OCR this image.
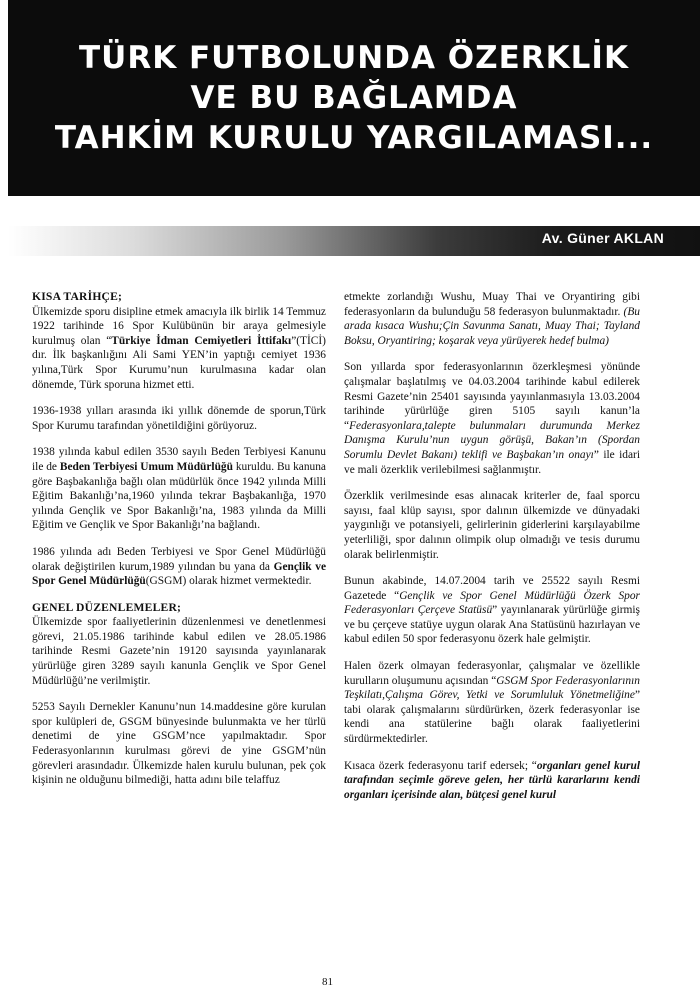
TÜRK FUTBOLUNDA ÖZERKLİK
VE BU BAĞLAMDA
TAHKİM KURULU YARGILAMASI...
Av. Güner AKLAN
KISA TARİHÇE;

Ülkemizde sporu disipline etmek amacıyla ilk birlik 14 Temmuz 1922 tarihinde 16 Spor Kulübünün bir araya gelmesiyle kurulmuş olan “Türkiye İdman Cemiyetleri İttifakı”(TİCİ) dır. İlk başkanlığını Ali Sami YEN’in yaptığı cemiyet 1936 yılına,Türk Spor Kurumu’nun kurulmasına kadar olan dönemde, Türk sporuna hizmet etti.

1936-1938 yılları arasında iki yıllık dönemde de sporun,Türk Spor Kurumu tarafından yönetildiğini görüyoruz.

1938 yılında kabul edilen 3530 sayılı Beden Terbiyesi Kanunu ile de Beden Terbiyesi Umum Müdürlüğü kuruldu. Bu kanuna göre Başbakanlığa bağlı olan müdürlük önce 1942 yılında Milli Eğitim Bakanlığı’na,1960 yılında tekrar Başbakanlığa, 1970 yılında Gençlik ve Spor Bakanlığı’na, 1983 yılında da Milli Eğitim ve Gençlik ve Spor Bakanlığı’na bağlandı.

1986 yılında adı Beden Terbiyesi ve Spor Genel Müdürlüğü olarak değiştirilen kurum,1989 yılından bu yana da Gençlik ve Spor Genel Müdürlüğü(GSGM) olarak hizmet vermektedir.

GENEL DÜZENLEMELER;

Ülkemizde spor faaliyetlerinin düzenlenmesi ve denetlenmesi görevi, 21.05.1986 tarihinde kabul edilen ve 28.05.1986 tarihinde Resmi Gazete’nin 19120 sayısında yayınlanarak yürürlüğe giren 3289 sayılı kanunla Gençlik ve Spor Genel Müdürlüğü’ne verilmiştir.

5253 Sayılı Dernekler Kanunu’nun 14.maddesine göre kurulan spor kulüpleri de, GSGM bünyesinde bulunmakta ve her türlü denetimi de yine GSGM’nce yapılmaktadır. Spor Federasyonlarının kurulması görevi de yine GSGM’nün görevleri arasındadır. Ülkemizde halen kurulu bulunan, pek çok kişinin ne olduğunu bilmediği, hatta adını bile telaffuz

etmekte zorlandığı Wushu, Muay Thai ve Oryantiring gibi federasyonların da bulunduğu 58 federasyon bulunmaktadır. (Bu arada kısaca Wushu;Çin Savunma Sanatı, Muay Thai; Tayland Boksu, Oryantiring; koşarak veya yürüyerek hedef bulma)

Son yıllarda spor federasyonlarının özerkleşmesi yönünde çalışmalar başlatılmış ve 04.03.2004 tarihinde kabul edilerek Resmi Gazete’nin 25401 sayısında yayınlanmasıyla 13.03.2004 tarihinde yürürlüğe giren 5105 sayılı kanun’la “Federasyonlara,talepte bulunmaları durumunda Merkez Danışma Kurulu’nun uygun görüşü, Bakan’ın (Spordan Sorumlu Devlet Bakanı) teklifi ve Başbakan’ın onayı” ile idari ve mali özerklik verilebilmesi sağlanmıştır.

Özerklik verilmesinde esas alınacak kriterler de, faal sporcu sayısı, faal klüp sayısı, spor dalının ülkemizde ve dünyadaki yaygınlığı ve potansiyeli, gelirlerinin giderlerini karşılayabilme yeterliliği, spor dalının olimpik olup olmadığı ve tesis durumu olarak belirlenmiştir.

Bunun akabinde, 14.07.2004 tarih ve 25522 sayılı Resmi Gazetede “Gençlik ve Spor Genel Müdürlüğü Özerk Spor Federasyonları Çerçeve Statüsü” yayınlanarak yürürlüğe girmiş ve bu çerçeve statüye uygun olarak Ana Statüsünü hazırlayan ve kabul edilen 50 spor federasyonu özerk hale gelmiştir.

Halen özerk olmayan federasyonlar, çalışmalar ve özellikle kurulların oluşumunu açısından “GSGM Spor Federasyonlarının Teşkilatı,Çalışma Görev, Yetki ve Sorumluluk Yönetmeliğine” tabi olarak çalışmalarını sürdürürken, özerk federasyonlar ise kendi ana statülerine bağlı olarak faaliyetlerini sürdürmektedirler.

Kısaca özerk federasyonu tarif edersek; “organları genel kurul tarafından seçimle göreve gelen, her türlü kararlarını kendi organları içerisinde alan, bütçesi genel kurul

81
